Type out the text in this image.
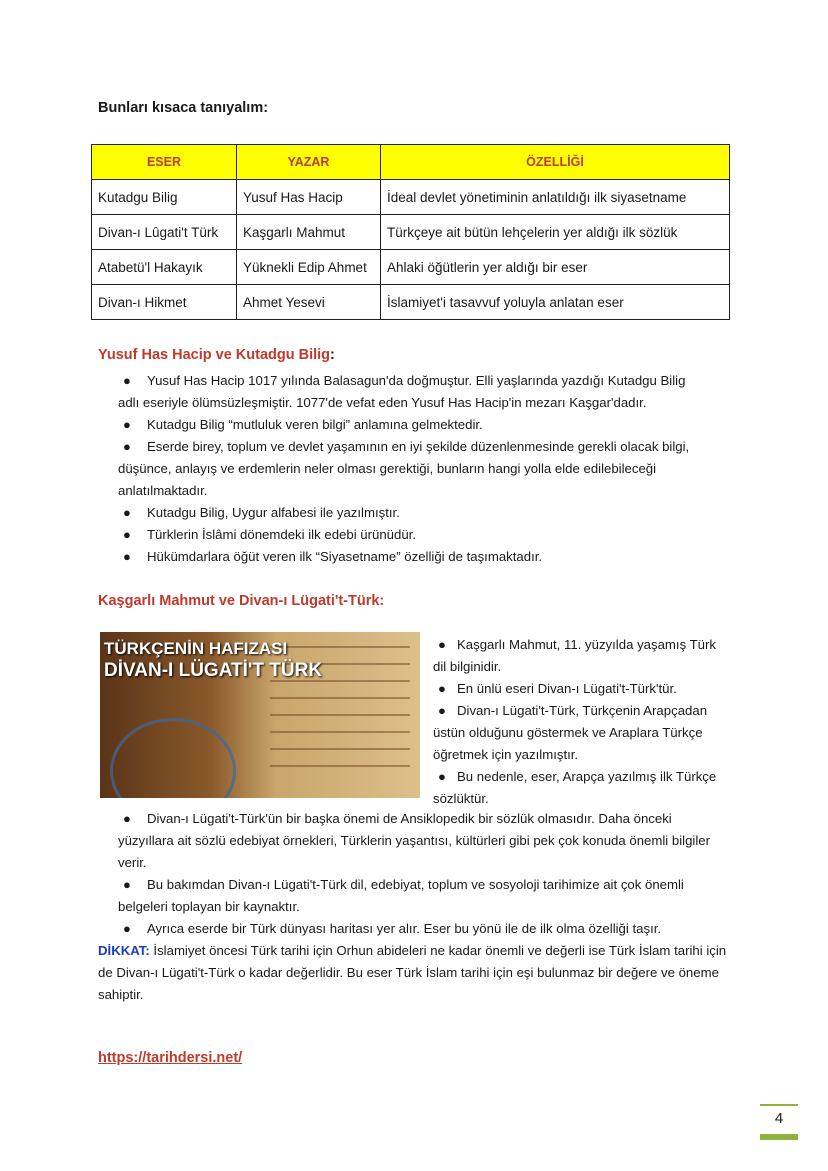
Bunları kısaca tanıyalım:
ESER	YAZAR	ÖZELLİĞİ
Kutadgu Bilig	Yusuf Has Hacip	İdeal devlet yönetiminin anlatıldığı ilk siyasetname
Divan-ı Lûgati't Türk	Kaşgarlı Mahmut	Türkçeye ait bütün lehçelerin yer aldığı ilk sözlük
Atabetü'l Hakayık	Yüknekli Edip Ahmet	Ahlaki öğütlerin yer aldığı bir eser
Divan-ı Hikmet	Ahmet Yesevi	İslamiyet'i tasavvuf yoluyla anlatan eser
Yusuf Has Hacip ve Kutadgu Bilig:
●	Yusuf Has Hacip 1017 yılında Balasagun'da doğmuştur. Elli yaşlarında yazdığı Kutadgu Bilig
adlı eseriyle ölümsüzleşmiştir. 1077'de vefat eden Yusuf Has Hacip'in mezarı Kaşgar'dadır.
●	Kutadgu Bilig “mutluluk veren bilgi” anlamına gelmektedir.
●	Eserde birey, toplum ve devlet yaşamının en iyi şekilde düzenlenmesinde gerekli olacak bilgi,
düşünce, anlayış ve erdemlerin neler olması gerektiği, bunların hangi yolla elde edilebileceği anlatılmaktadır.
●	Kutadgu Bilig, Uygur alfabesi ile yazılmıştır.
●	Türklerin İslâmi dönemdeki ilk edebi ürünüdür.
●	Hükümdarlara öğüt veren ilk “Siyasetname” özelliği de taşımaktadır.
Kaşgarlı Mahmut ve Divan-ı Lügati't-Türk:
TÜRKÇENİN HAFIZASI
DİVAN-I LÜGATİ'T TÜRK
● Kaşgarlı Mahmut, 11. yüzyılda yaşamış Türk
dil bilginidir.
● En ünlü eseri Divan-ı Lügati't-Türk'tür.
● Divan-ı Lügati't-Türk, Türkçenin Arapçadan
üstün olduğunu göstermek ve Araplara Türkçe öğretmek için yazılmıştır.
● Bu nedenle, eser, Arapça yazılmış ilk Türkçe
sözlüktür.
●	Divan-ı Lügati't-Türk'ün bir başka önemi de Ansiklopedik bir sözlük olmasıdır. Daha önceki
yüzyıllara ait sözlü edebiyat örnekleri, Türklerin yaşantısı, kültürleri gibi pek çok konuda önemli bilgiler verir.
●	Bu bakımdan Divan-ı Lügati't-Türk dil, edebiyat, toplum ve sosyoloji tarihimize ait çok önemli
belgeleri toplayan bir kaynaktır.
●	Ayrıca eserde bir Türk dünyası haritası yer alır. Eser bu yönü ile de ilk olma özelliği taşır.
DİKKAT: İslamiyet öncesi Türk tarihi için Orhun abideleri ne kadar önemli ve değerli ise Türk İslam tarihi için de Divan-ı Lügati't-Türk o kadar değerlidir. Bu eser Türk İslam tarihi için eşi bulunmaz bir değere ve öneme sahiptir.
https://tarihdersi.net/
4
